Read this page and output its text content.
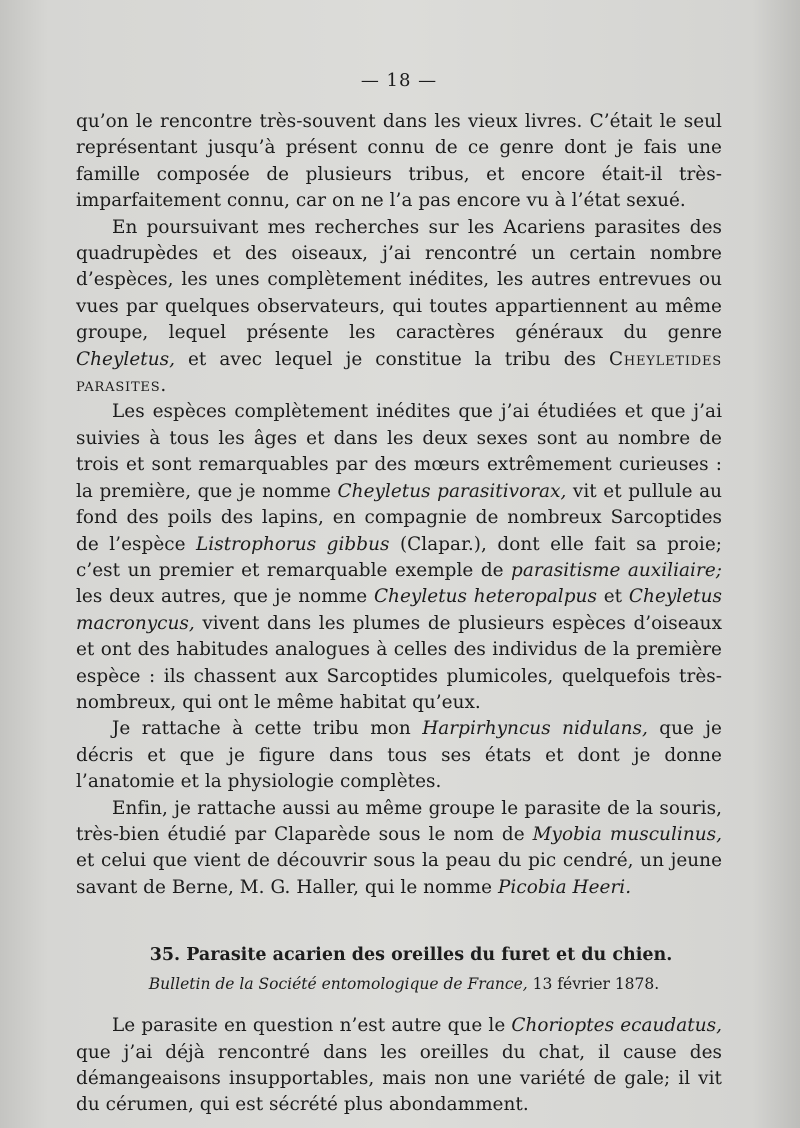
— 18 —

qu’on le rencontre très-souvent dans les vieux livres. C’était le seul représentant jusqu’à présent connu de ce genre dont je fais une famille composée de plusieurs tribus, et encore était-il très-imparfaitement connu, car on ne l’a pas encore vu à l’état sexué.

En poursuivant mes recherches sur les Acariens parasites des quadrupèdes et des oiseaux, j’ai rencontré un certain nombre d’espèces, les unes complètement inédites, les autres entrevues ou vues par quelques observateurs, qui toutes appartiennent au même groupe, lequel présente les caractères généraux du genre Cheyletus, et avec lequel je constitue la tribu des Cheyletides parasites.

Les espèces complètement inédites que j’ai étudiées et que j’ai suivies à tous les âges et dans les deux sexes sont au nombre de trois et sont remarquables par des mœurs extrêmement curieuses : la première, que je nomme Cheyletus parasitivorax, vit et pullule au fond des poils des lapins, en compagnie de nombreux Sarcoptides de l’espèce Listrophorus gibbus (Clapar.), dont elle fait sa proie; c’est un premier et remarquable exemple de parasitisme auxiliaire; les deux autres, que je nomme Cheyletus heteropalpus et Cheyletus macronycus, vivent dans les plumes de plusieurs espèces d’oiseaux et ont des habitudes analogues à celles des individus de la première espèce : ils chassent aux Sarcoptides plumicoles, quelquefois très-nombreux, qui ont le même habitat qu’eux.

Je rattache à cette tribu mon Harpirhyncus nidulans, que je décris et que je figure dans tous ses états et dont je donne l’anatomie et la physiologie complètes.

Enfin, je rattache aussi au même groupe le parasite de la souris, très-bien étudié par Claparède sous le nom de Myobia musculinus, et celui que vient de découvrir sous la peau du pic cendré, un jeune savant de Berne, M. G. Haller, qui le nomme Picobia Heeri.

35. Parasite acarien des oreilles du furet et du chien.
Bulletin de la Société entomologique de France, 13 février 1878.

Le parasite en question n’est autre que le Chorioptes ecaudatus, que j’ai déjà rencontré dans les oreilles du chat, il cause des démangeaisons insupportables, mais non une variété de gale; il vit du cérumen, qui est sécrété plus abondamment.
